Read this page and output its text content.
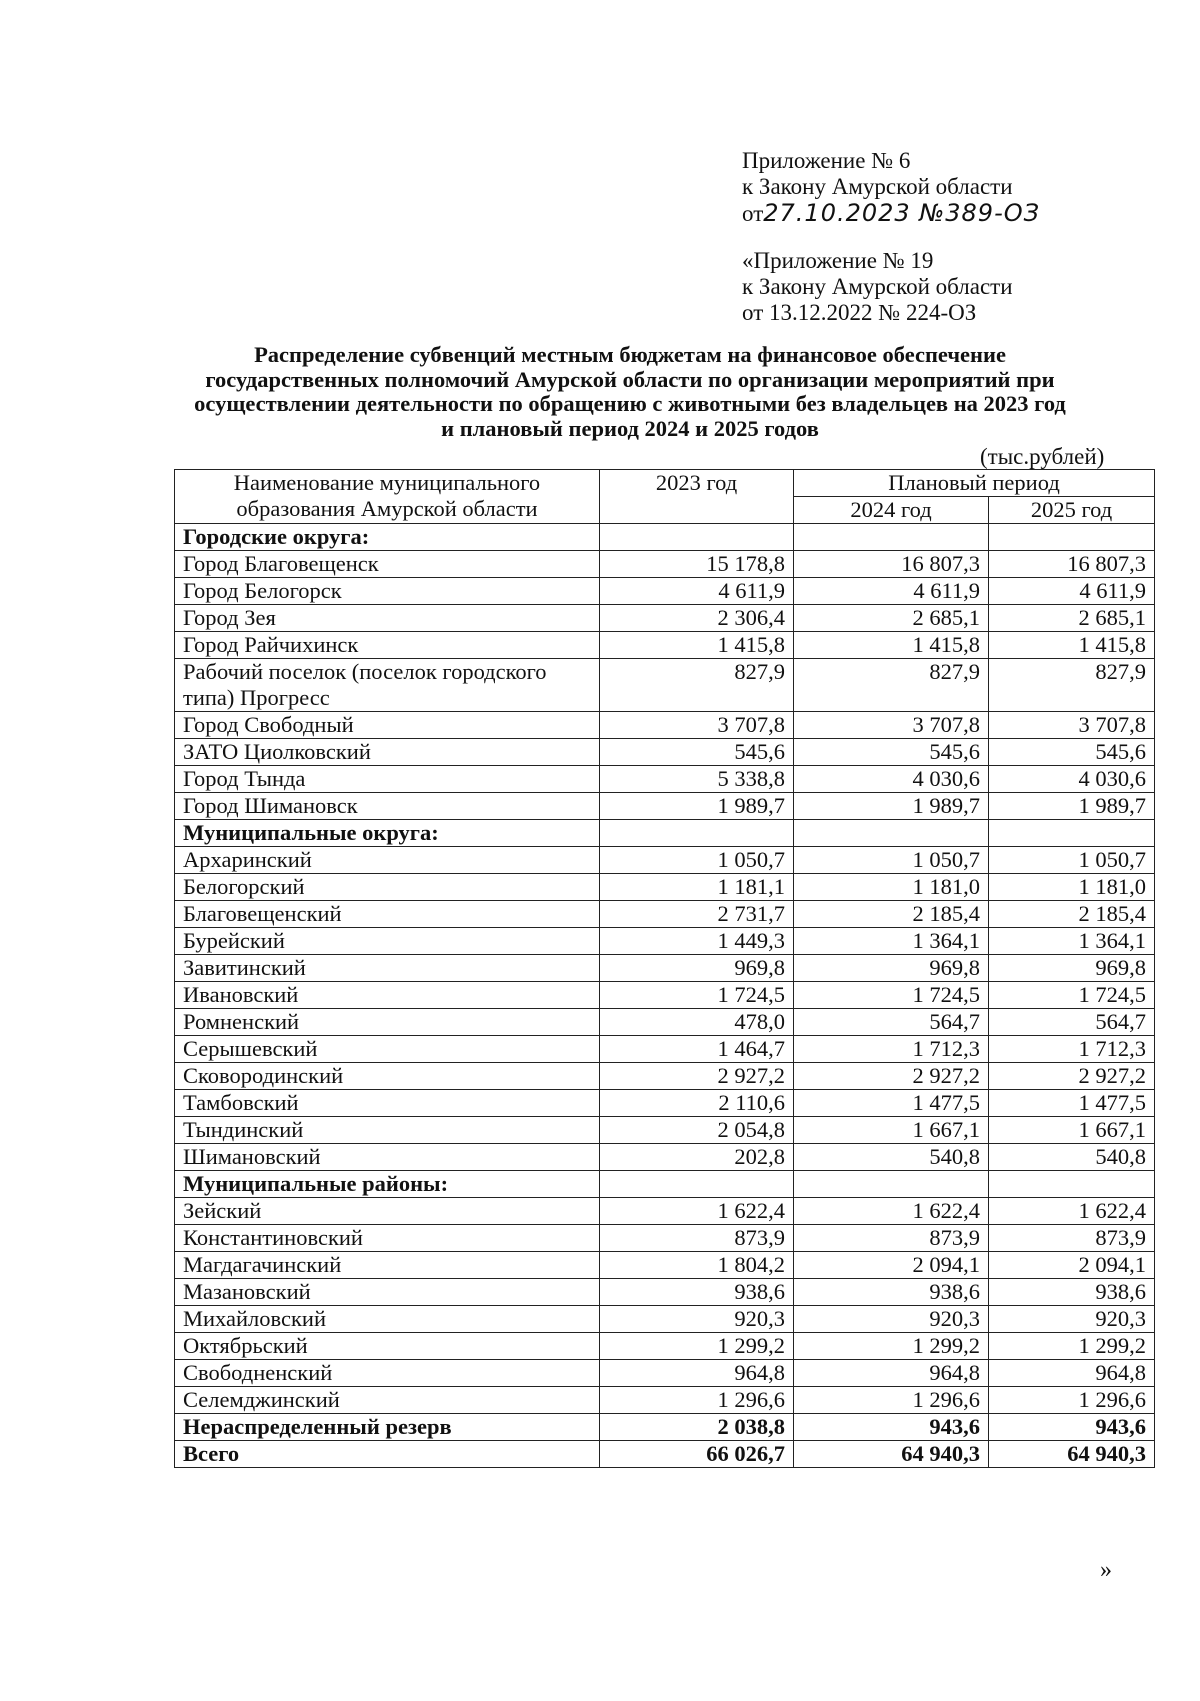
Приложение № 6
к Закону Амурской области
от27.10.2023 №389-ОЗ
«Приложение № 19
к Закону Амурской области
от 13.12.2022 № 224-ОЗ
Распределение субвенций местным бюджетам на финансовое обеспечение
государственных полномочий Амурской области по организации мероприятий при
осуществлении деятельности по обращению с животными без владельцев на 2023 год
и плановый период 2024 и 2025 годов
(тыс.рублей)
Наименование муниципального
образования Амурской области	2023 год	Плановый период	
		2024 год	2025 год
Городские округа:			
Город Благовещенск	15 178,8	16 807,3	16 807,3
Город Белогорск	4 611,9	4 611,9	4 611,9
Город Зея	2 306,4	2 685,1	2 685,1
Город Райчихинск	1 415,8	1 415,8	1 415,8

Рабочий поселок (поселок городского
типа) Прогресс	827,9	827,9	827,9
Город Свободный	3 707,8	3 707,8	3 707,8
ЗАТО Циолковский	545,6	545,6	545,6
Город Тында	5 338,8	4 030,6	4 030,6
Город Шимановск	1 989,7	1 989,7	1 989,7
Муниципальные округа:			
Архаринский	1 050,7	1 050,7	1 050,7
Белогорский	1 181,1	1 181,0	1 181,0
Благовещенский	2 731,7	2 185,4	2 185,4
Бурейский	1 449,3	1 364,1	1 364,1
Завитинский	969,8	969,8	969,8
Ивановский	1 724,5	1 724,5	1 724,5
Ромненский	478,0	564,7	564,7
Серышевский	1 464,7	1 712,3	1 712,3
Сковородинский	2 927,2	2 927,2	2 927,2
Тамбовский	2 110,6	1 477,5	1 477,5
Тындинский	2 054,8	1 667,1	1 667,1
Шимановский	202,8	540,8	540,8
Муниципальные районы:			
Зейский	1 622,4	1 622,4	1 622,4
Константиновский	873,9	873,9	873,9
Магдагачинский	1 804,2	2 094,1	2 094,1
Мазановский	938,6	938,6	938,6
Михайловский	920,3	920,3	920,3
Октябрьский	1 299,2	1 299,2	1 299,2
Свободненский	964,8	964,8	964,8
Селемджинский	1 296,6	1 296,6	1 296,6
Нераспределенный резерв	2 038,8	943,6	943,6
Всего	66 026,7	64 940,3	64 940,3
»
